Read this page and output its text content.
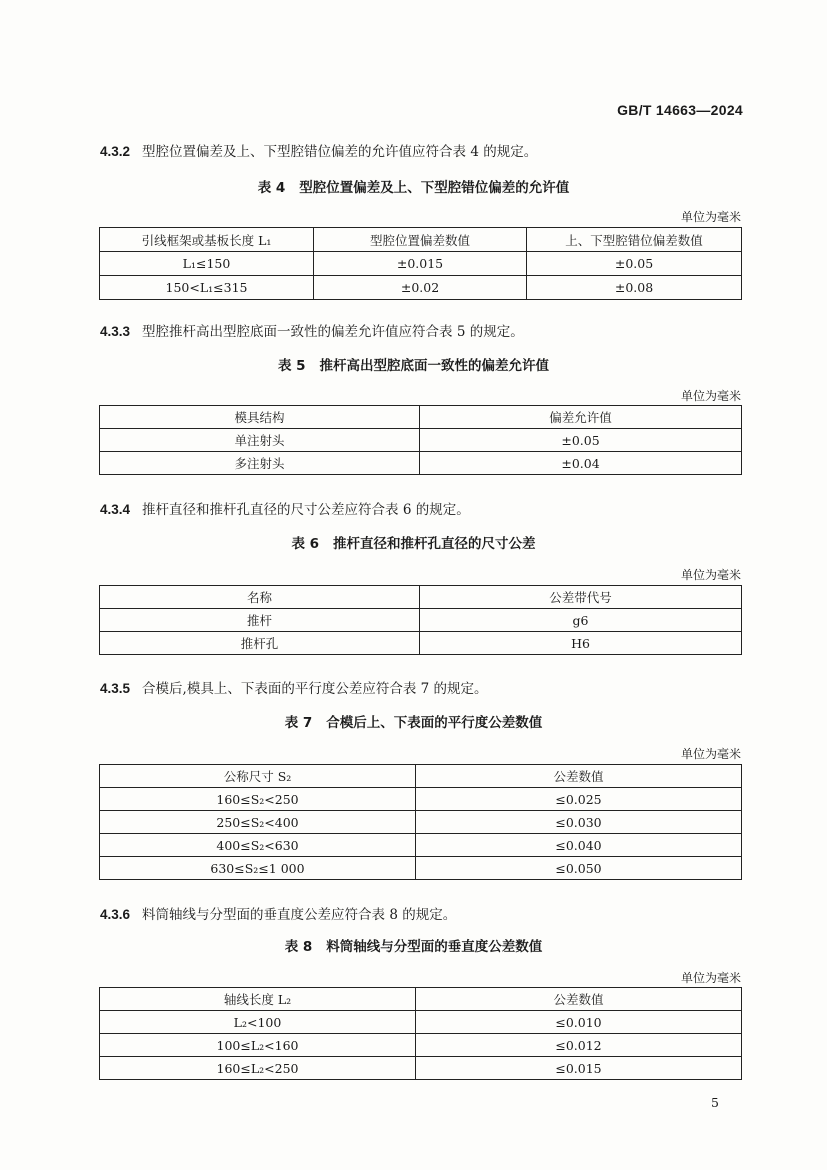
GB/T 14663—2024
4.3.2 型腔位置偏差及上、下型腔错位偏差的允许值应符合表 4 的规定。
表 4 型腔位置偏差及上、下型腔错位偏差的允许值
单位为毫米
引线框架或基板长度 L₁	型腔位置偏差数值	上、下型腔错位偏差数值
L₁≤150	±0.015	±0.05
150<L₁≤315	±0.02	±0.08
4.3.3 型腔推杆高出型腔底面一致性的偏差允许值应符合表 5 的规定。
表 5 推杆高出型腔底面一致性的偏差允许值
单位为毫米
模具结构	偏差允许值
单注射头	±0.05
多注射头	±0.04
4.3.4 推杆直径和推杆孔直径的尺寸公差应符合表 6 的规定。
表 6 推杆直径和推杆孔直径的尺寸公差
单位为毫米
名称	公差带代号
推杆	g6
推杆孔	H6
4.3.5 合模后,模具上、下表面的平行度公差应符合表 7 的规定。
表 7 合模后上、下表面的平行度公差数值
单位为毫米
公称尺寸 S₂	公差数值
160≤S₂<250	≤0.025
250≤S₂<400	≤0.030
400≤S₂<630	≤0.040
630≤S₂≤1 000	≤0.050
4.3.6 料筒轴线与分型面的垂直度公差应符合表 8 的规定。
表 8 料筒轴线与分型面的垂直度公差数值
单位为毫米
轴线长度 L₂	公差数值
L₂<100	≤0.010
100≤L₂<160	≤0.012
160≤L₂<250	≤0.015
5
